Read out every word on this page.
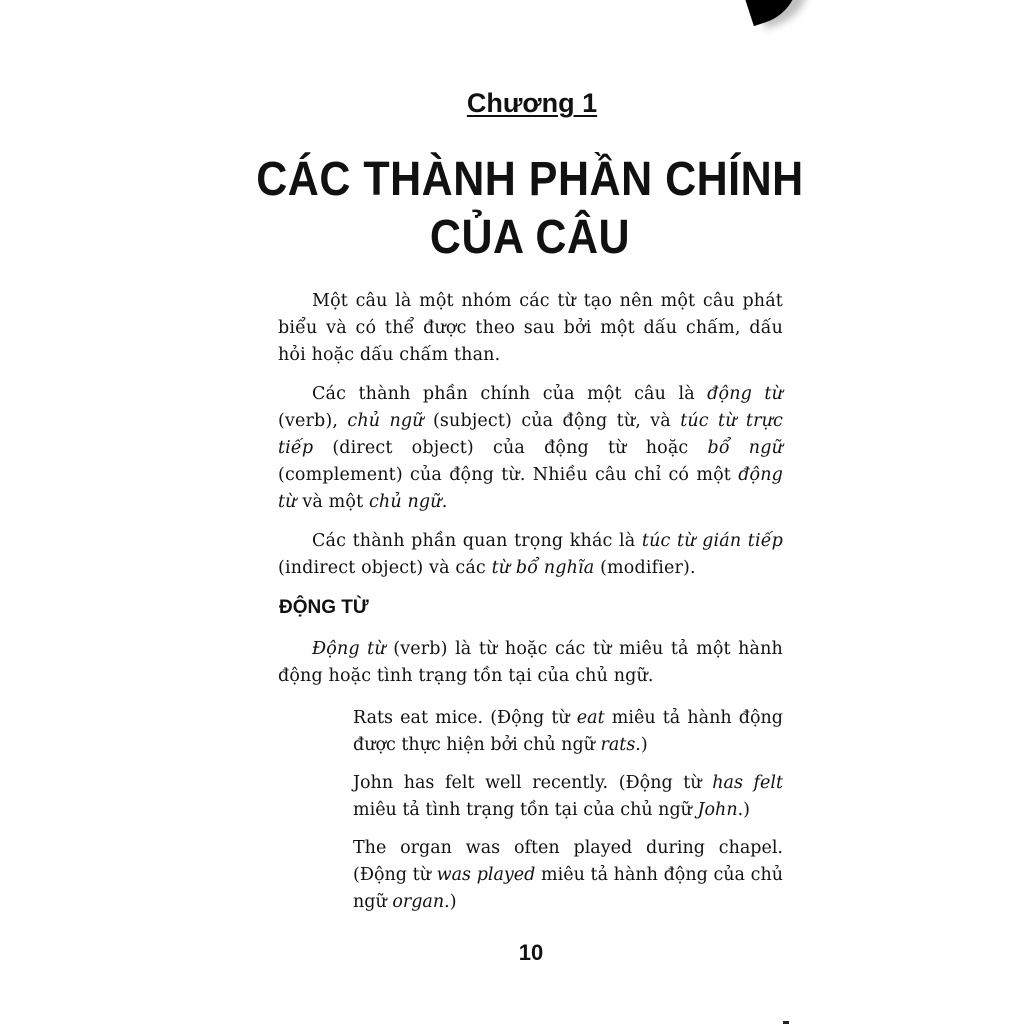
Chương 1
CÁC THÀNH PHẦN CHÍNH
CỦA CÂU

Một câu là một nhóm các từ tạo nên một câu phát biểu và có thể được theo sau bởi một dấu chấm, dấu hỏi hoặc dấu chấm than.

Các thành phần chính của một câu là động từ (verb), chủ ngữ (subject) của động từ, và túc từ trực tiếp (direct object) của động từ hoặc bổ ngữ (complement) của động từ. Nhiều câu chỉ có một động từ và một chủ ngữ.

Các thành phần quan trọng khác là túc từ gián tiếp (indirect object) và các từ bổ nghĩa (modifier).

ĐỘNG TỪ

Động từ (verb) là từ hoặc các từ miêu tả một hành động hoặc tình trạng tồn tại của chủ ngữ.

Rats eat mice. (Động từ eat miêu tả hành động được thực hiện bởi chủ ngữ rats.)

John has felt well recently. (Động từ has felt miêu tả tình trạng tồn tại của chủ ngữ John.)

The organ was often played during chapel. (Động từ was played miêu tả hành động của chủ ngữ organ.)

10
